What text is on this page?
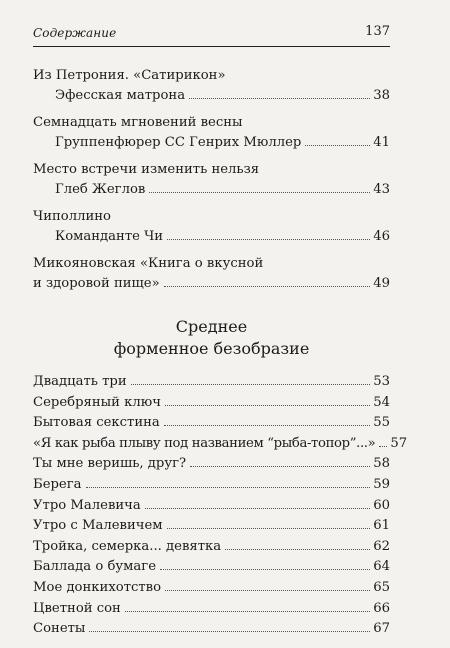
Содержание	137
Из Петрония. «Сатирикон»
Эфесская матрона	38
Семнадцать мгновений весны
Группенфюрер СС Генрих Мюллер	41
Место встречи изменить нельзя
Глеб Жеглов	43
Чиполлино
Команданте Чи	46
Микояновская «Книга о вкусной
и здоровой пище»	49
Среднее
форменное безобразие
Двадцать три	53
Серебряный ключ	54
Бытовая секстина	55
«Я как рыба плыву под названием “рыба-топор”...» 57
Ты мне веришь, друг?	58
Берега	59
Утро Малевича	60
Утро с Малевичем	61
Тройка, семерка... девятка	62
Баллада о бумаге	64
Мое донкихотство	65
Цветной сон	66
Сонеты	67
